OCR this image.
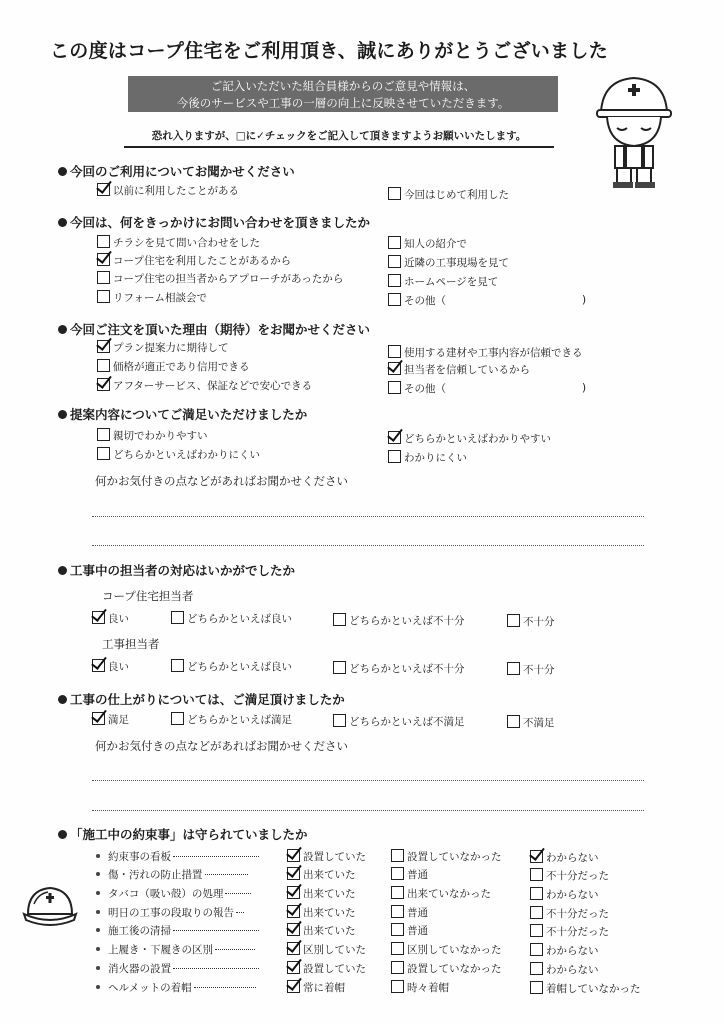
この度はコープ住宅をご利用頂き、誠にありがとうございました
ご記入いただいた組合員様からのご意見や情報は、
今後のサービスや工事の一層の向上に反映させていただきます。
恐れ入りますが、□に✓チェックをご記入して頂きますようお願いいたします。
今回のご利用についてお聞かせください
以前に利用したことがある	今回はじめて利用した
今回は、何をきっかけにお問い合わせを頂きましたか
チラシを見て問い合わせをした
コープ住宅を利用したことがあるから
コープ住宅の担当者からアプローチがあったから
リフォーム相談会で
知人の紹介で
近隣の工事現場を見て
ホームページを見て
その他（	)
今回ご注文を頂いた理由（期待）をお聞かせください
プラン提案力に期待して
価格が適正であり信用できる
アフターサービス、保証などで安心できる
使用する建材や工事内容が信頼できる
担当者を信頼しているから
その他（	)
提案内容についてご満足いただけましたか
親切でわかりやすい
どちらかといえばわかりにくい
どちらかといえばわかりやすい
わかりにくい
何かお気付きの点などがあればお聞かせください
工事中の担当者の対応はいかがでしたか
コープ住宅担当者
良い	どちらかといえば良い	どちらかといえば不十分	不十分
工事担当者
良い	どちらかといえば良い	どちらかといえば不十分	不十分
工事の仕上がりについては、ご満足頂けましたか
満足	どちらかといえば満足	どちらかといえば不満足	不満足
何かお気付きの点などがあればお聞かせください
「施工中の約束事」は守られていましたか
約束事の看板	設置していた	設置していなかった	わからない
傷・汚れの防止措置	出来ていた	普通	不十分だった
タバコ（吸い殻）の処理	出来ていた	出来ていなかった	わからない
明日の工事の段取りの報告	出来ていた	普通	不十分だった
施工後の清掃	出来ていた	普通	不十分だった
上履き・下履きの区別	区別していた	区別していなかった	わからない
消火器の設置	設置していた	設置していなかった	わからない
ヘルメットの着帽	常に着帽	時々着帽	着帽していなかった
